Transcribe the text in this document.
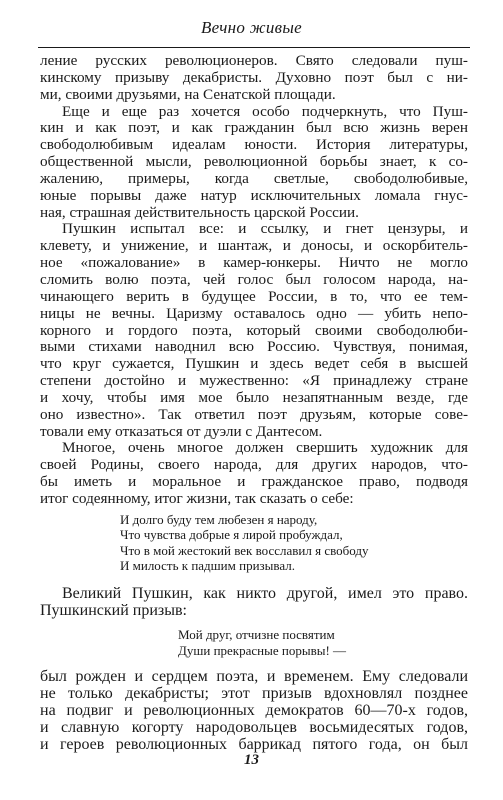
Вечно живые
ление русских революционеров. Свято следовали пуш-
кинскому призыву декабристы. Духовно поэт был с ни-
ми, своими друзьями, на Сенатской площади.
Еще и еще раз хочется особо подчеркнуть, что Пуш-
кин и как поэт, и как гражданин был всю жизнь верен
свободолюбивым идеалам юности. История литературы,
общественной мысли, революционной борьбы знает, к со-
жалению, примеры, когда светлые, свободолюбивые,
юные порывы даже натур исключительных ломала гнус-
ная, страшная действительность царской России.
Пушкин испытал все: и ссылку, и гнет цензуры, и
клевету, и унижение, и шантаж, и доносы, и оскорбитель-
ное «пожалование» в камер-юнкеры. Ничто не могло
сломить волю поэта, чей голос был голосом народа, на-
чинающего верить в будущее России, в то, что ее тем-
ницы не вечны. Царизму оставалось одно — убить непо-
корного и гордого поэта, который своими свободолюби-
выми стихами наводнил всю Россию. Чувствуя, понимая,
что круг сужается, Пушкин и здесь ведет себя в высшей
степени достойно и мужественно: «Я принадлежу стране
и хочу, чтобы имя мое было незапятнанным везде, где
оно известно». Так ответил поэт друзьям, которые сове-
товали ему отказаться от дуэли с Дантесом.
Многое, очень многое должен свершить художник для
своей Родины, своего народа, для других народов, что-
бы иметь и моральное и гражданское право, подводя
итог содеянному, итог жизни, так сказать о себе:
И долго буду тем любезен я народу,
Что чувства добрые я лирой пробуждал,
Что в мой жестокий век восславил я свободу
И милость к падшим призывал.
Великий Пушкин, как никто другой, имел это право.
Пушкинский призыв:
Мой друг, отчизне посвятим
Души прекрасные порывы! —
был рожден и сердцем поэта, и временем. Ему следовали
не только декабристы; этот призыв вдохновлял позднее
на подвиг и революционных демократов 60—70-х годов,
и славную когорту народовольцев восьмидесятых годов,
и героев революционных баррикад пятого года, он был
13
